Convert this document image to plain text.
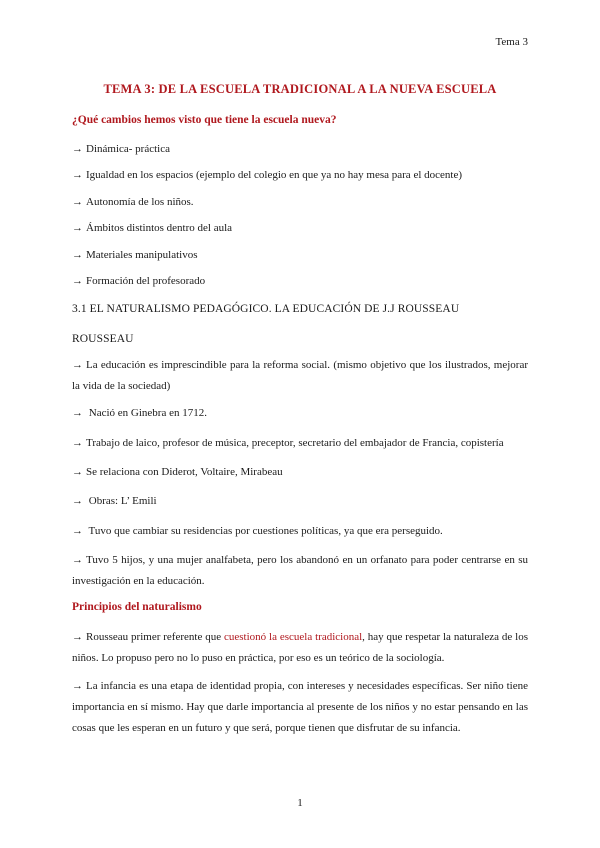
Tema 3
TEMA 3: DE LA ESCUELA TRADICIONAL A LA NUEVA ESCUELA
¿Qué cambios hemos visto que tiene la escuela nueva?
→ Dinámica- práctica
→ Igualdad en los espacios (ejemplo del colegio en que ya no hay mesa para el docente)
→ Autonomía de los niños.
→ Ámbitos distintos dentro del aula
→ Materiales manipulativos
→ Formación del profesorado
3.1 EL NATURALISMO PEDAGÓGICO. LA EDUCACIÓN DE J.J ROUSSEAU
ROUSSEAU
→ La educación es imprescindible para la reforma social. (mismo objetivo que los ilustrados, mejorar la vida de la sociedad)
→ Nació en Ginebra en 1712.
→ Trabajo de laico, profesor de música, preceptor, secretario del embajador de Francia, copistería
→ Se relaciona con Diderot, Voltaire, Mirabeau
→ Obras: L’ Emili
→ Tuvo que cambiar su residencias por cuestiones políticas, ya que era perseguido.
→ Tuvo 5 hijos, y una mujer analfabeta, pero los abandonó en un orfanato para poder centrarse en su investigación en la educación.
Principios del naturalismo
→ Rousseau primer referente que cuestionó la escuela tradicional, hay que respetar la naturaleza de los niños. Lo propuso pero no lo puso en práctica, por eso es un teórico de la sociología.
→ La infancia es una etapa de identidad propia, con intereses y necesidades específicas. Ser niño tiene importancia en sí mismo. Hay que darle importancia al presente de los niños y no estar pensando en las cosas que les esperan en un futuro y que será, porque tienen que disfrutar de su infancia.
1
